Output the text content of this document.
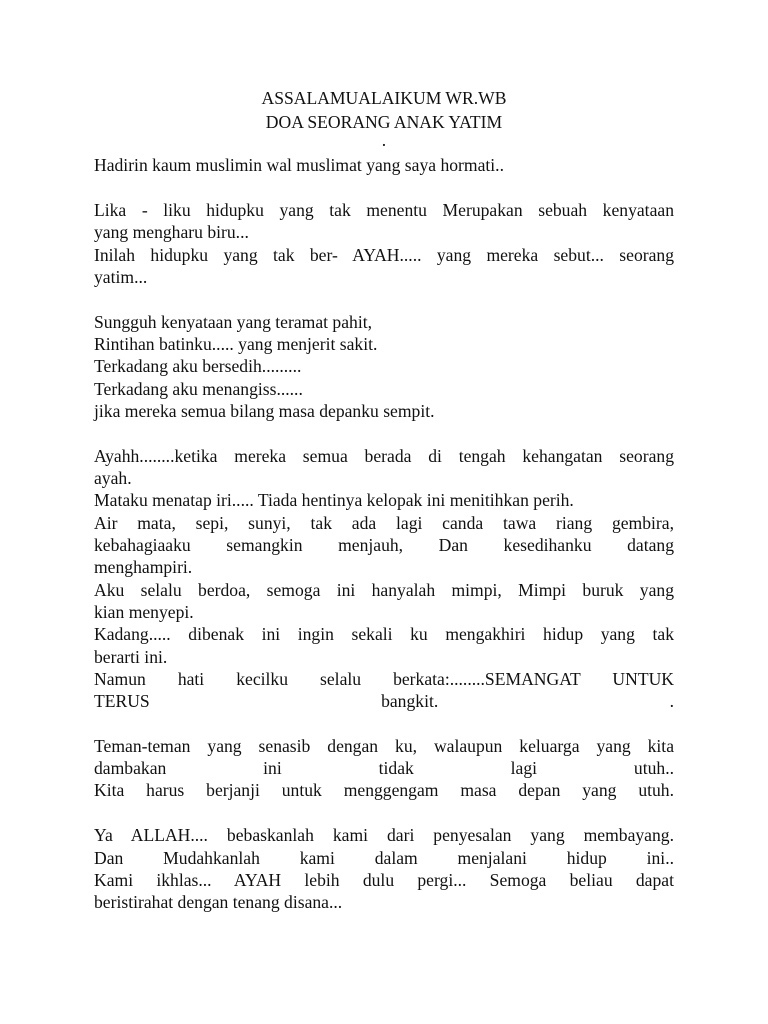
ASSALAMUALAIKUM WR.WB
DOA SEORANG ANAK YATIM
.
Hadirin kaum muslimin wal muslimat yang saya hormati..
Lika - liku hidupku yang tak menentu Merupakan sebuah kenyataan
yang mengharu biru...
Inilah hidupku yang tak ber- AYAH..... yang mereka sebut... seorang
yatim...
Sungguh kenyataan yang teramat pahit,
Rintihan batinku..... yang menjerit sakit.
Terkadang aku bersedih.........
Terkadang aku menangiss......
jika mereka semua bilang masa depanku sempit.
Ayahh........ketika mereka semua berada di tengah kehangatan seorang
ayah.
Mataku menatap iri..... Tiada hentinya kelopak ini menitihkan perih.
Air mata, sepi, sunyi, tak ada lagi canda tawa riang gembira,
kebahagiaaku semangkin menjauh, Dan kesedihanku datang
menghampiri.
Aku selalu berdoa, semoga ini hanyalah mimpi, Mimpi buruk yang
kian menyepi.
Kadang..... dibenak ini ingin sekali ku mengakhiri hidup yang tak
berarti ini.
Namun hati kecilku selalu berkata:........SEMANGAT UNTUK
TERUS bangkit. .
Teman-teman yang senasib dengan ku, walaupun keluarga yang kita
dambakan ini tidak lagi utuh..
Kita harus berjanji untuk menggengam masa depan yang utuh.
Ya ALLAH.... bebaskanlah kami dari penyesalan yang membayang.
Dan Mudahkanlah kami dalam menjalani hidup ini..
Kami ikhlas... AYAH lebih dulu pergi... Semoga beliau dapat
beristirahat dengan tenang disana...
